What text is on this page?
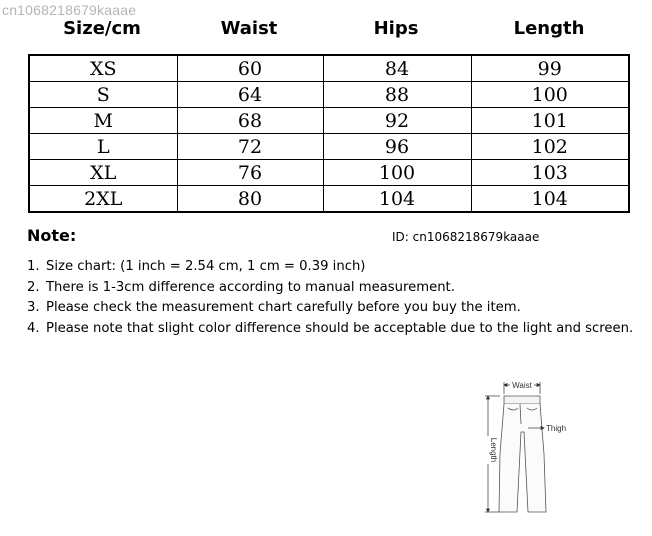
cn1068218679kaaae
Size/cm	Waist	Hips	Length
XS	60	84	99
S	64	88	100
M	68	92	101
L	72	96	102
XL	76	100	103
2XL	80	104	104
Note:	ID: cn1068218679kaaae
1. Size chart: (1 inch = 2.54 cm, 1 cm = 0.39 inch)
2. There is 1-3cm difference according to manual measurement.
3. Please check the measurement chart carefully before you buy the item.
4. Please note that slight color difference should be acceptable due to the light and screen.
Waist
Thigh
Length
